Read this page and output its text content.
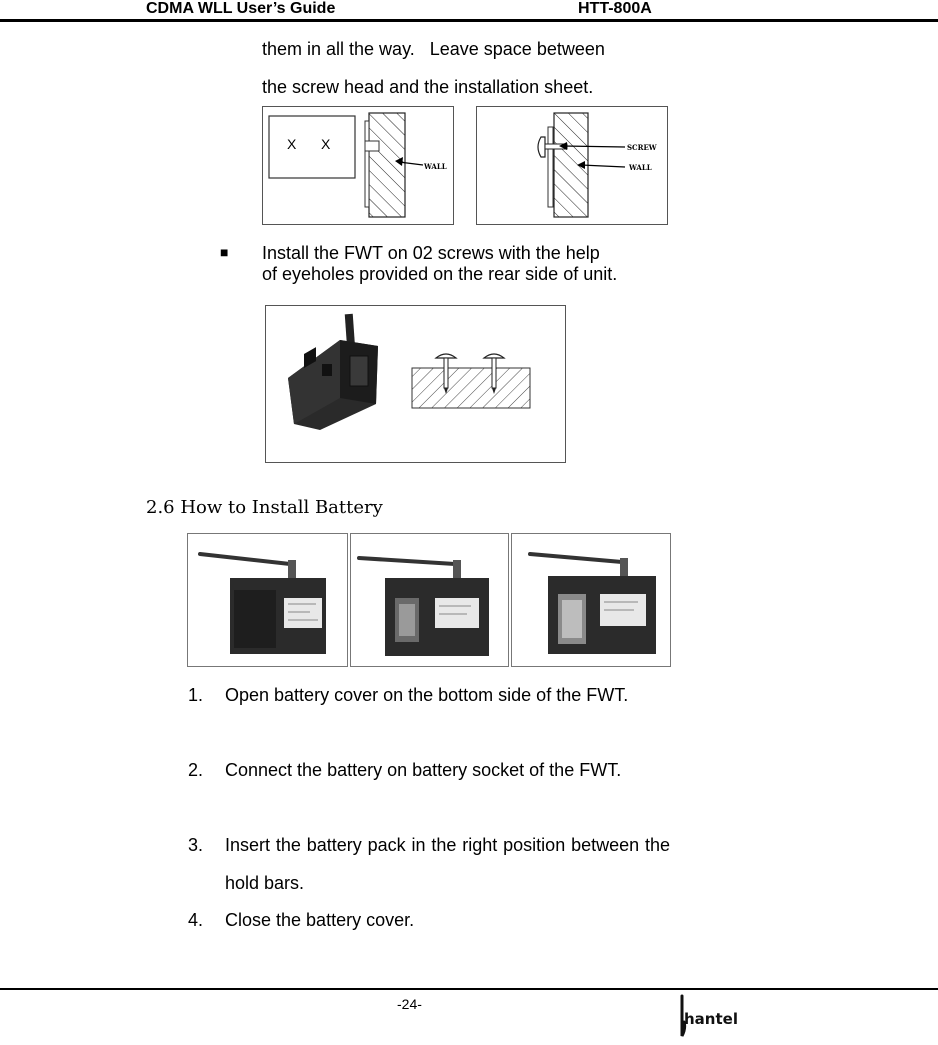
CDMA WLL User’s Guide	HTT-800A
them in all the way.   Leave space between
the screw head and the installation sheet.
X X
WALL
SCREW
WALL
■ Install the FWT on 02 screws with the help
of eyeholes provided on the rear side of unit.
2.6 How to Install Battery
1. Open battery cover on the bottom side of the FWT.
2. Connect the battery on battery socket of the FWT.
3. Insert the battery pack in the right position between the hold bars.
4. Close the battery cover.
-24-
hantel
